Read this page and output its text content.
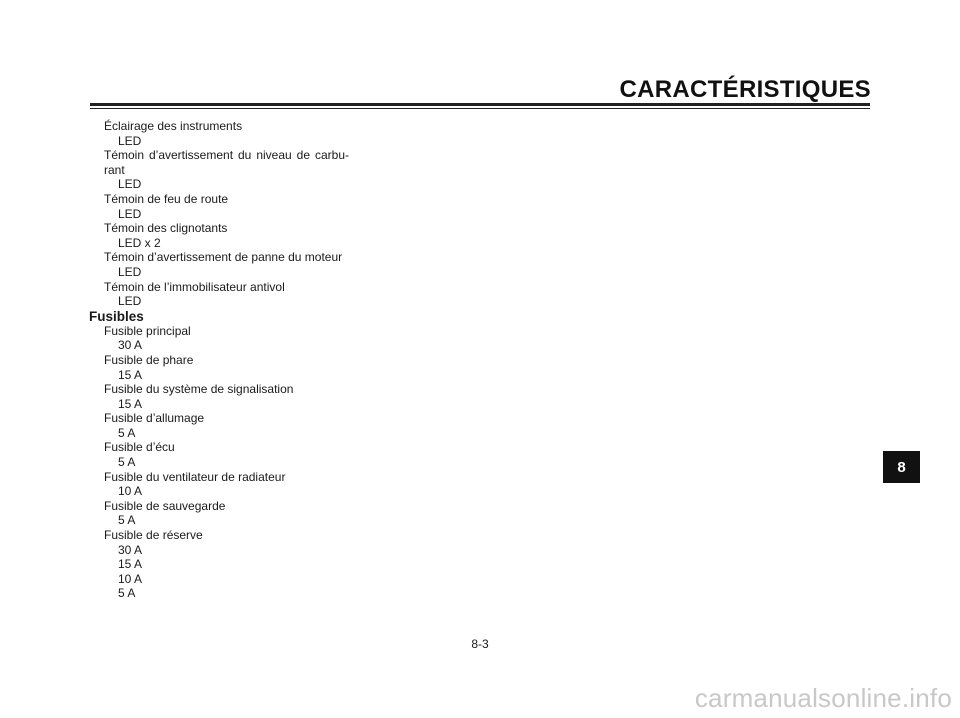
CARACTÉRISTIQUES
Éclairage des instruments
LED
Témoin d’avertissement du niveau de carbu-rant
LED
Témoin de feu de route
LED
Témoin des clignotants
LED x 2
Témoin d’avertissement de panne du moteur
LED
Témoin de l’immobilisateur antivol
LED
Fusibles
Fusible principal
30 A
Fusible de phare
15 A
Fusible du système de signalisation
15 A
Fusible d’allumage
5 A
Fusible d’écu
5 A
Fusible du ventilateur de radiateur
10 A
Fusible de sauvegarde
5 A
Fusible de réserve
30 A
15 A
10 A
5 A
8
8-3
carmanualsonline.info
